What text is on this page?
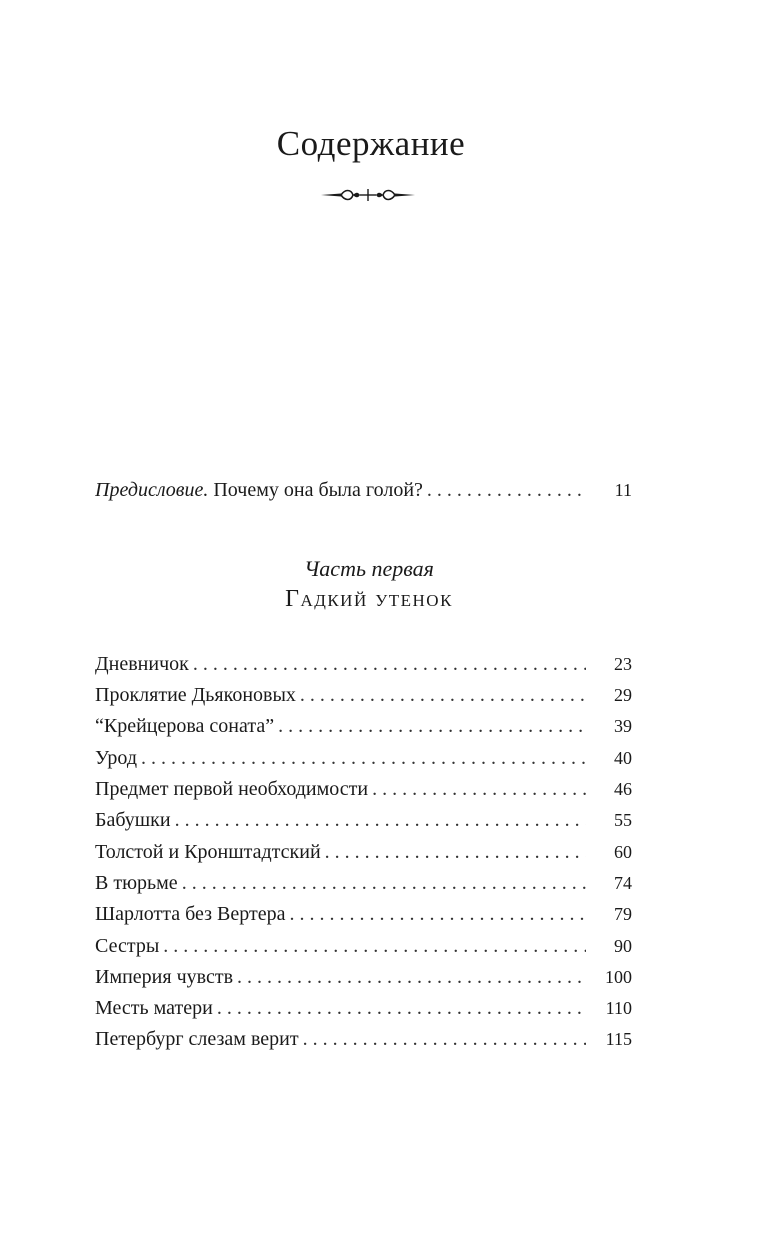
Содержание
Предисловие. Почему она была голой? . . .	11
Часть первая
Гадкий утенок
Дневничок . . .	23
Проклятие Дьяконовых . . .	29
“Крейцерова соната” . . .	39
Урод . . .	40
Предмет первой необходимости . . .	46
Бабушки . . .	55
Толстой и Кронштадтский . . .	60
В тюрьме . . .	74
Шарлотта без Вертера . . .	79
Сестры . . .	90
Империя чувств . . .	100
Месть матери . . .	110
Петербург слезам верит . . .	115
